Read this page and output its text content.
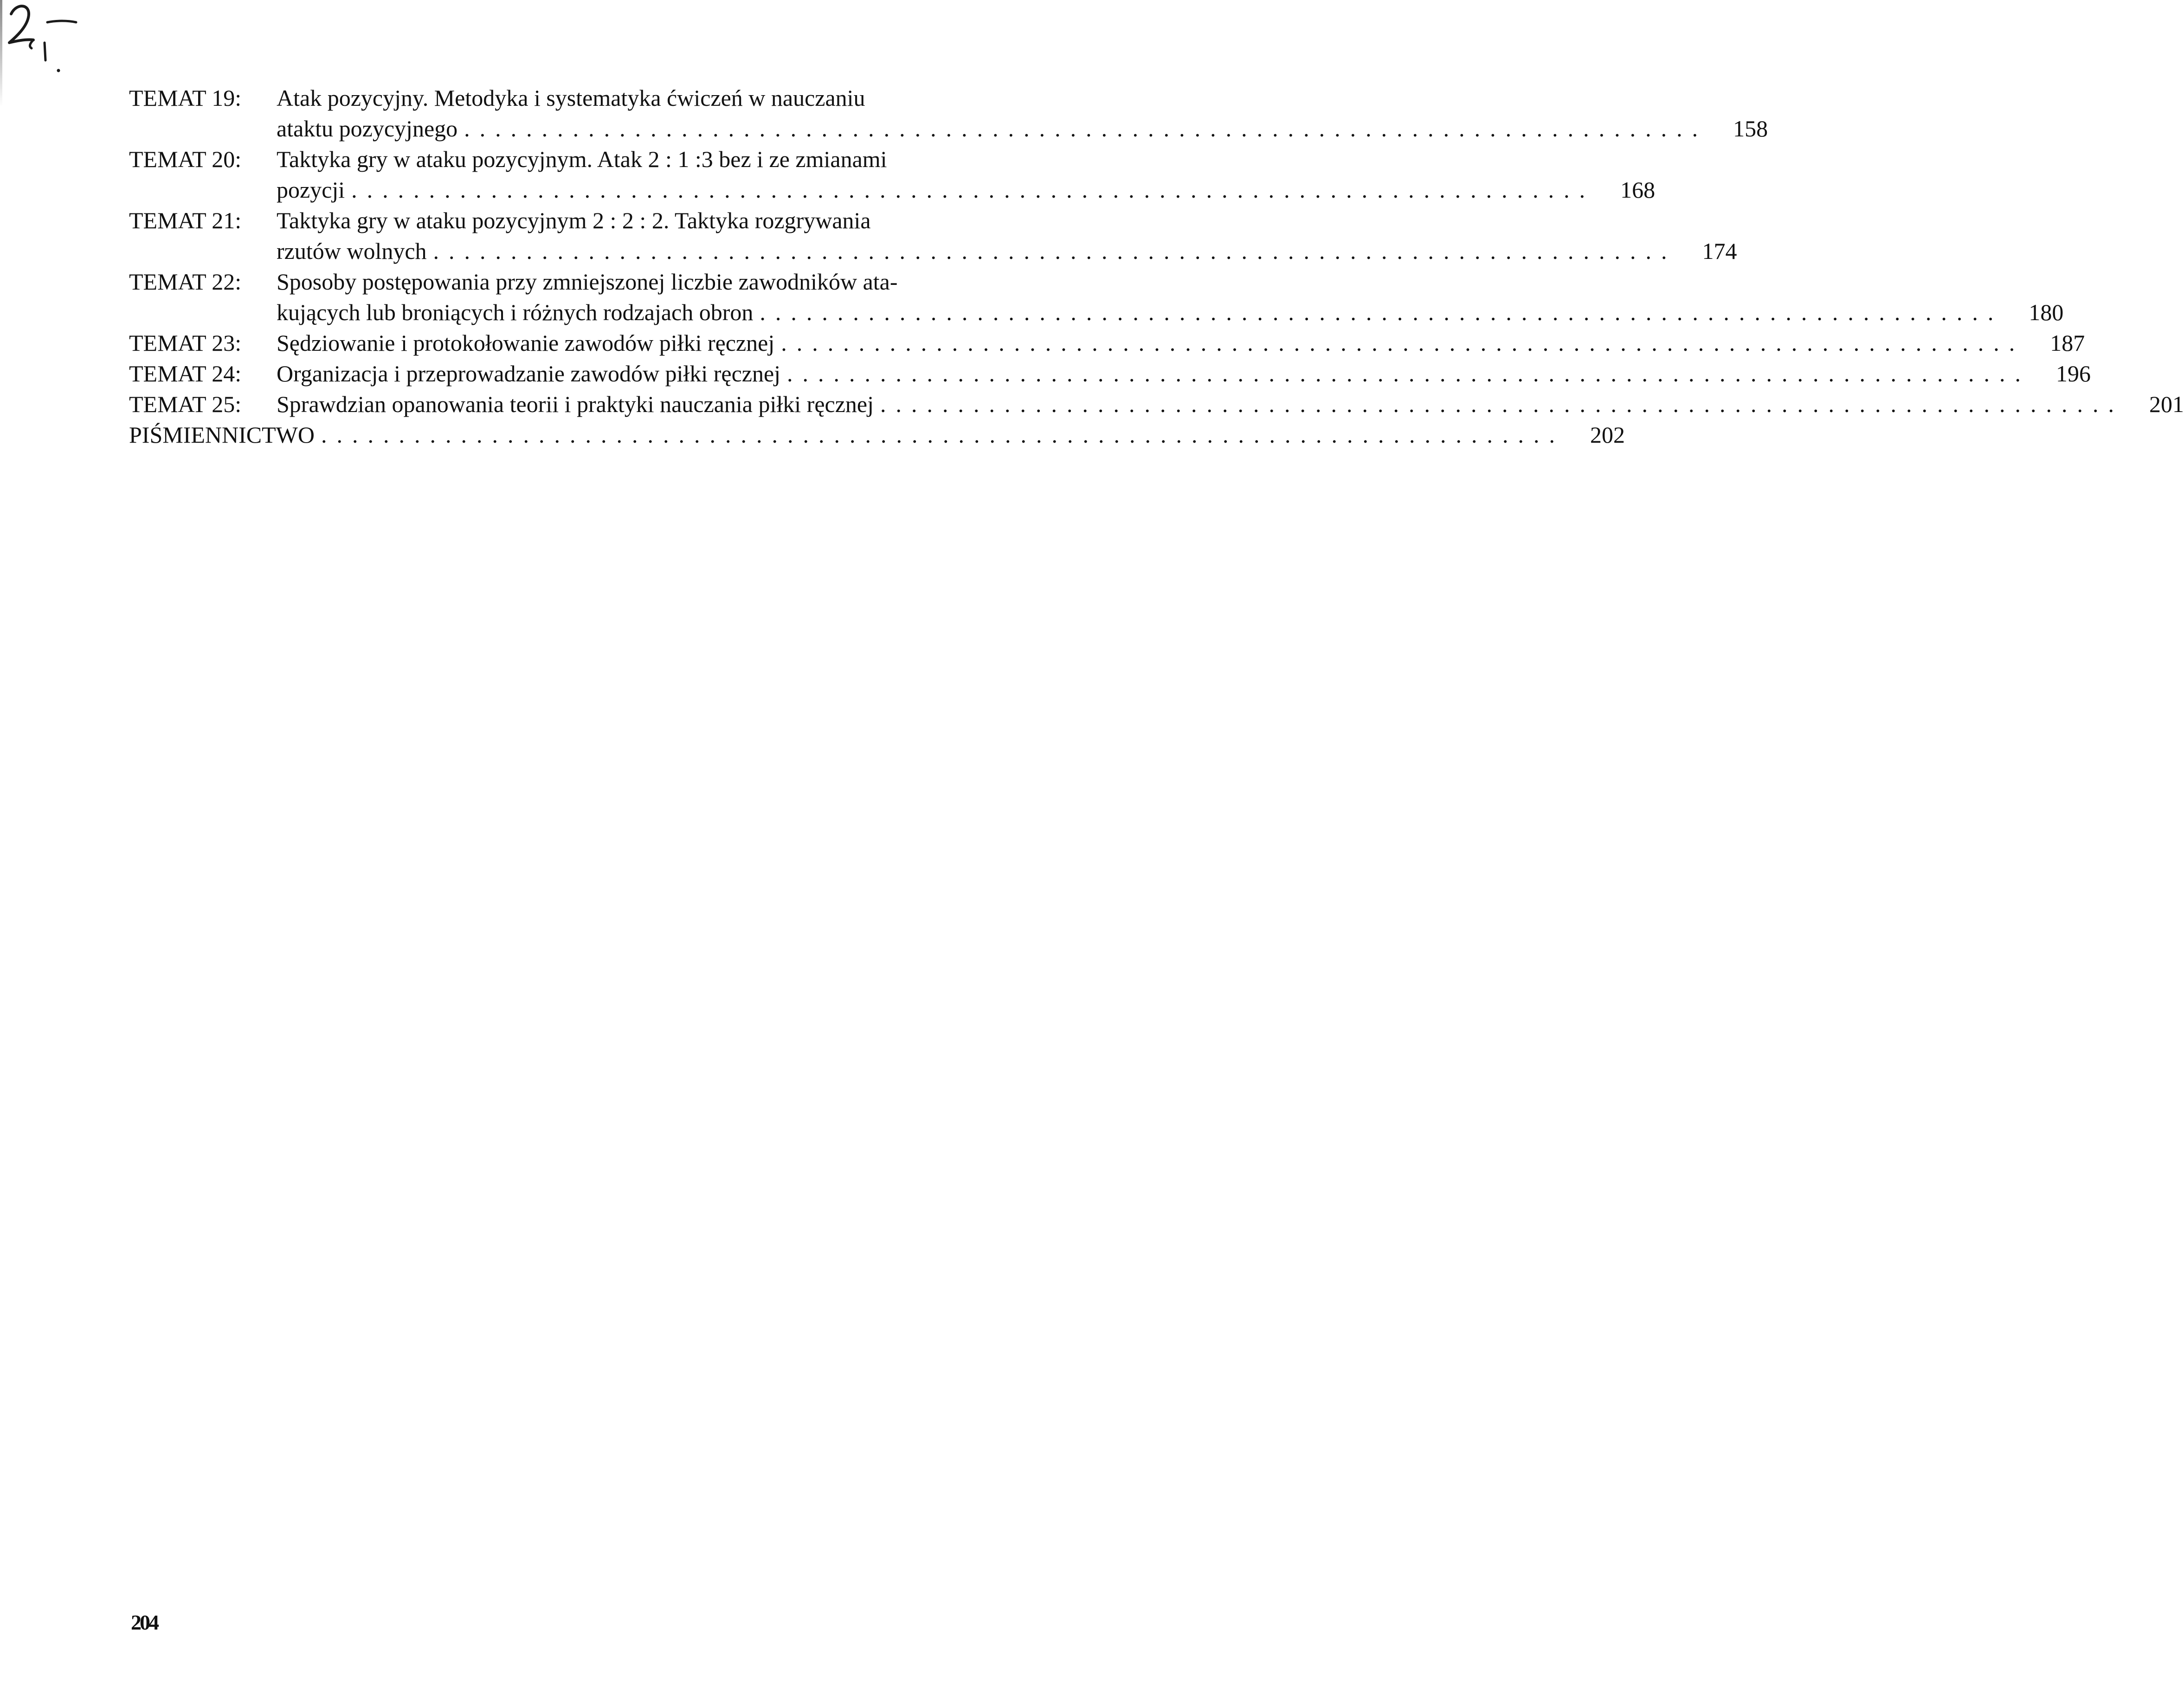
TEMAT 19: Atak pozycyjny. Metodyka i systematyka ćwiczeń w nauczaniu
ataktu pozycyjnego ................................................................................	158
TEMAT 20: Taktyka gry w ataku pozycyjnym. Atak 2 : 1 :3 bez i ze zmianami
pozycji ................................................................................	168
TEMAT 21: Taktyka gry w ataku pozycyjnym 2 : 2 : 2. Taktyka rozgrywania
rzutów wolnych ................................................................................	174
TEMAT 22: Sposoby postępowania przy zmniejszonej liczbie zawodników ata-
kujących lub broniących i różnych rodzajach obron ................................................................................	180
TEMAT 23: Sędziowanie i protokołowanie zawodów piłki ręcznej ................................................................................	187
TEMAT 24: Organizacja i przeprowadzanie zawodów piłki ręcznej ................................................................................	196
TEMAT 25: Sprawdzian opanowania teorii i praktyki nauczania piłki ręcznej ................................................................................	201
PIŚMIENNICTWO ................................................................................	202
204
